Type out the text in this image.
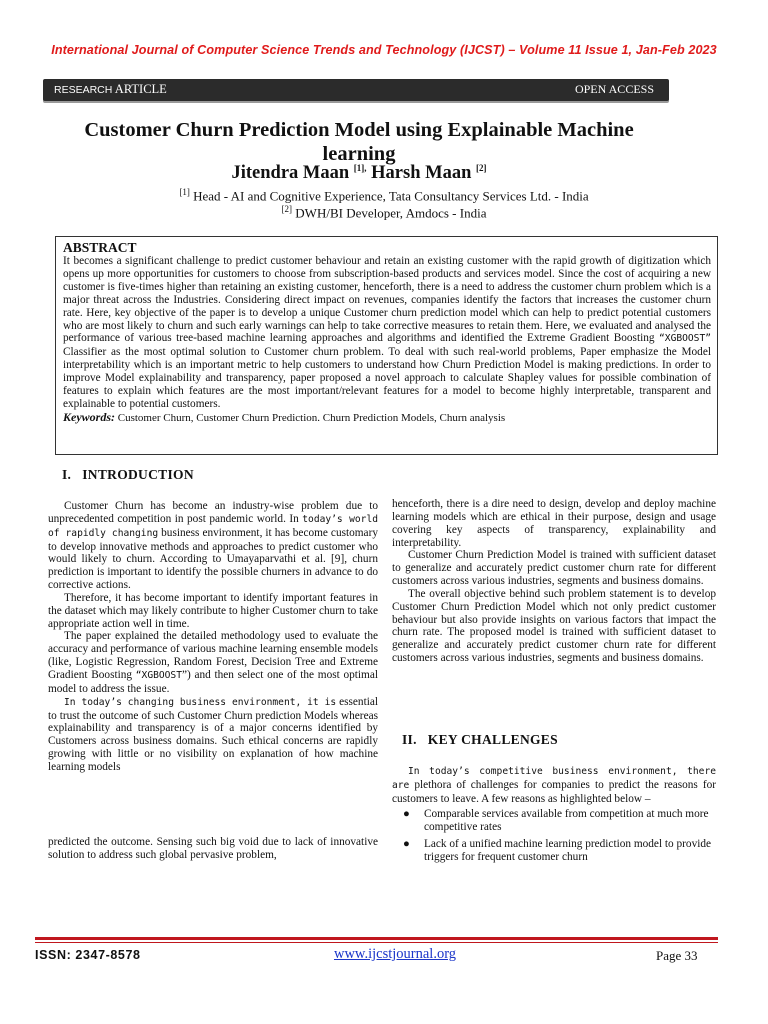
International Journal of Computer Science Trends and Technology (IJCST) – Volume 11 Issue 1, Jan-Feb 2023
RESEARCH ARTICLE	OPEN ACCESS
Customer Churn Prediction Model using Explainable Machine learning
Jitendra Maan $^{[1],}$ Harsh Maan [2]
[1] Head - AI and Cognitive Experience, Tata Consultancy Services Ltd. - India
[2] DWH/BI Developer, Amdocs - India
ABSTRACT

It becomes a significant challenge to predict customer behaviour and retain an existing customer with the rapid growth of digitization which opens up more opportunities for customers to choose from subscription-based products and services model. Since the cost of acquiring a new customer is five-times higher than retaining an existing customer, henceforth, there is a need to address the customer churn problem which is a major threat across the Industries. Considering direct impact on revenues, companies identify the factors that increases the customer churn rate. Here, key objective of the paper is to develop a unique Customer churn prediction model which can help to predict potential customers who are most likely to churn and such early warnings can help to take corrective measures to retain them. Here, we evaluated and analysed the performance of various tree-based machine learning approaches and algorithms and identified the Extreme Gradient Boosting “XGBOOST” Classifier as the most optimal solution to Customer churn problem. To deal with such real-world problems, Paper emphasize the Model interpretability which is an important metric to help customers to understand how Churn Prediction Model is making predictions. In order to improve Model explainability and transparency, paper proposed a novel approach to calculate Shapley values for possible combination of features to explain which features are the most important/relevant features for a model to become highly interpretable, transparent and explainable to potential customers.

Keywords: Customer Churn, Customer Churn Prediction. Churn Prediction Models, Churn analysis
I.   INTRODUCTION

Customer Churn has become an industry-wise problem due to unprecedented competition in post pandemic world. In today’s world of rapidly changing business environment, it has become customary to develop innovative methods and approaches to predict customer who would likely to churn. According to Umayaparvathi et al. [9], churn prediction is important to identify the possible churners in advance to do corrective actions.

Therefore, it has become important to identify important features in the dataset which may likely contribute to higher Customer churn to take appropriate action well in time.

The paper explained the detailed methodology used to evaluate the accuracy and performance of various machine learning ensemble models (like, Logistic Regression, Random Forest, Decision Tree and Extreme Gradient Boosting “XGBOOST”) and then select one of the most optimal model to address the issue.

In today’s changing business environment, it is essential to trust the outcome of such Customer Churn prediction Models whereas explainability and transparency is of a major concerns identified by Customers across business domains. Such ethical concerns are rapidly growing with little or no visibility on explanation of how machine learning models

predicted the outcome. Sensing such big void due to lack of innovative solution to address such global pervasive problem,

henceforth, there is a dire need to design, develop and deploy machine learning models which are ethical in their purpose, design and usage covering key aspects of transparency, explainability and interpretability.

Customer Churn Prediction Model is trained with sufficient dataset to generalize and accurately predict customer churn rate for different customers across various industries, segments and business domains.

The overall objective behind such problem statement is to develop Customer Churn Prediction Model which not only predict customer behaviour but also provide insights on various factors that impact the churn rate. The proposed model is trained with sufficient dataset to generalize and accurately predict customer churn rate for different customers across various industries, segments and business domains.

II.   KEY CHALLENGES

In today’s competitive business environment, there are plethora of challenges for companies to predict the reasons for customers to leave. A few reasons as highlighted below –

● Comparable services available from competition at much more competitive rates
● Lack of a unified machine learning prediction model to provide triggers for frequent customer churn
ISSN: 2347-8578	www.ijcstjournal.org	Page 33
